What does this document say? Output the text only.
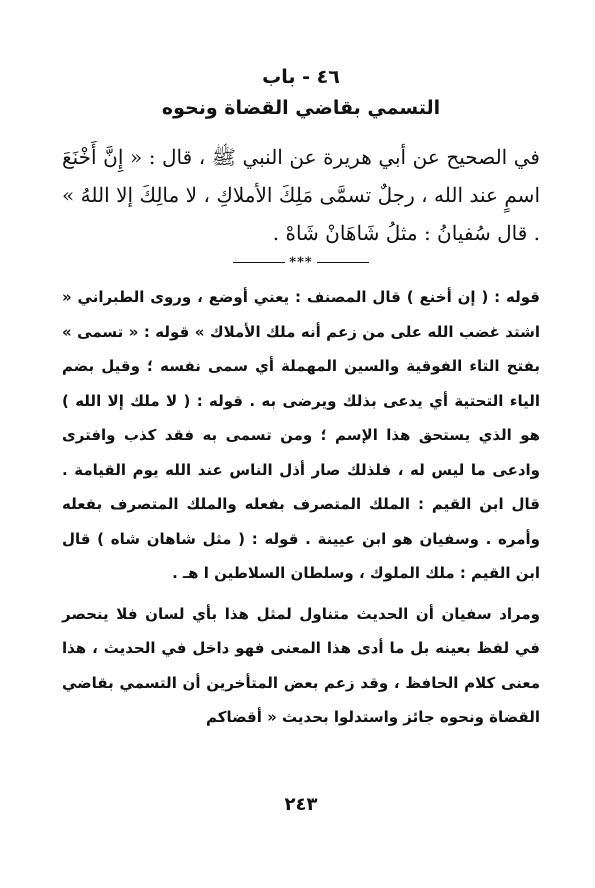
٤٦ - باب
التسمي بقاضي القضاة ونحوه

في الصحيح عن أبي هريرة عن النبي ﷺ ، قال : « إِنَّ أَخْنَعَ اسمٍ عند الله ، رجلٌ تسمَّى مَلِكَ الأملاكِ ، لا مالِكَ إلا اللهُ » . قال سُفيانُ : مثلُ شَاهَانْ شَاهْ .

***

قوله : ( إن أخنع ) قال المصنف : يعني أوضع ، وروى الطبراني « اشتد غضب الله على من زعم أنه ملك الأملاك » قوله : « تسمى » بفتح التاء الفوقية والسين المهملة أي سمى نفسه ؛ وقيل بضم الياء التحتية أي يدعى بذلك ويرضى به . قوله : ( لا ملك إلا الله ) هو الذي يستحق هذا الإسم ؛ ومن تسمى به فقد كذب وافترى وادعى ما ليس له ، فلذلك صار أذل الناس عند الله يوم القيامة . قال ابن القيم : الملك المتصرف بفعله والملك المتصرف بفعله وأمره . وسفيان هو ابن عيينة . قوله : ( مثل شاهان شاه ) قال ابن القيم : ملك الملوك ، وسلطان السلاطين ا هـ .

ومراد سفيان أن الحديث متناول لمثل هذا بأي لسان فلا ينحصر في لفظ بعينه بل ما أدى هذا المعنى فهو داخل في الحديث ، هذا معنى كلام الحافظ ، وقد زعم بعض المتأخرين أن التسمي بقاضي القضاة ونحوه جائز واستدلوا بحديث « أقضاكم

٢٤٣
